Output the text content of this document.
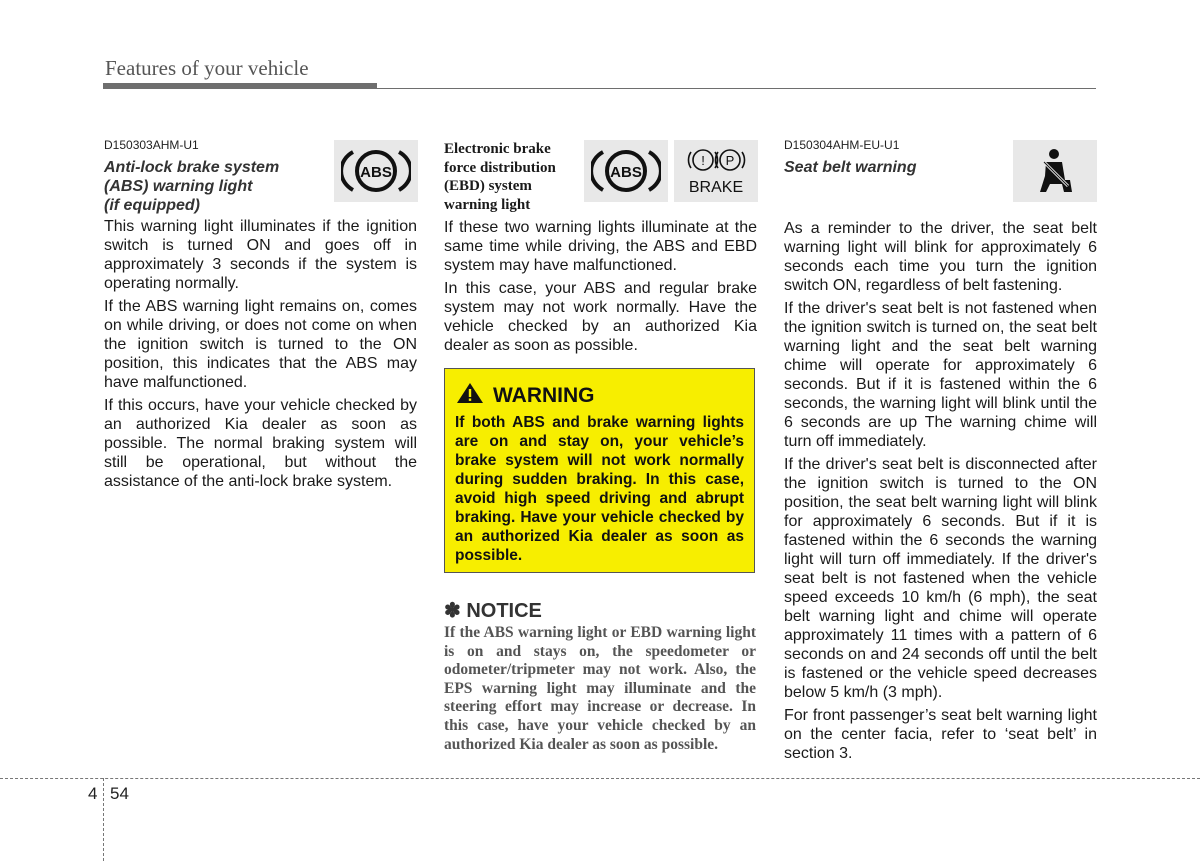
Features of your vehicle
D150303AHM-U1
Anti-lock brake system
(ABS) warning light
(if equipped)

This warning light illuminates if the ignition switch is turned ON and goes off in approximately 3 seconds if the system is operating normally.

If the ABS warning light remains on, comes on while driving, or does not come on when the ignition switch is turned to the ON position, this indicates that the ABS may have malfunctioned.

If this occurs, have your vehicle checked by an authorized Kia dealer as soon as possible. The normal braking system will still be operational, but without the assistance of the anti-lock brake system.

ABS
Electronic brake
force distribution
(EBD) system
warning light

If these two warning lights illuminate at the same time while driving, the ABS and EBD system may have malfunctioned.

In this case, your ABS and regular brake system may not work normally. Have the vehicle checked by an authorized Kia dealer as soon as possible.

ABS
! P
BRAKE
WARNING
If both ABS and brake warning lights are on and stay on, your vehicle’s brake system will not work normally during sudden braking. In this case, avoid high speed driving and abrupt braking. Have your vehicle checked by an authorized Kia dealer as soon as possible.
✽ NOTICE
If the ABS warning light or EBD warning light is on and stays on, the speedometer or odometer/tripmeter may not work. Also, the EPS warning light may illuminate and the steering effort may increase or decrease. In this case, have your vehicle checked by an authorized Kia dealer as soon as possible.
D150304AHM-EU-U1
Seat belt warning

As a reminder to the driver, the seat belt warning light will blink for approximately 6 seconds each time you turn the ignition switch ON, regardless of belt fastening.

If the driver's seat belt is not fastened when the ignition switch is turned on, the seat belt warning light and the seat belt warning chime will operate for approximately 6 seconds. But if it is fastened within the 6 seconds, the warning light will blink until the 6 seconds are up The warning chime will turn off immediately.

If the driver's seat belt is disconnected after the ignition switch is turned to the ON position, the seat belt warning light will blink for approximately 6 seconds. But if it is fastened within the 6 seconds the warning light will turn off immediately. If the driver's seat belt is not fastened when the vehicle speed exceeds 10 km/h (6 mph), the seat belt warning light and chime will operate approximately 11 times with a pattern of 6 seconds on and 24 seconds off until the belt is fastened or the vehicle speed decreases below 5 km/h (3 mph).

For front passenger’s seat belt warning light on the center facia, refer to ‘seat belt’ in section 3.

4 54
